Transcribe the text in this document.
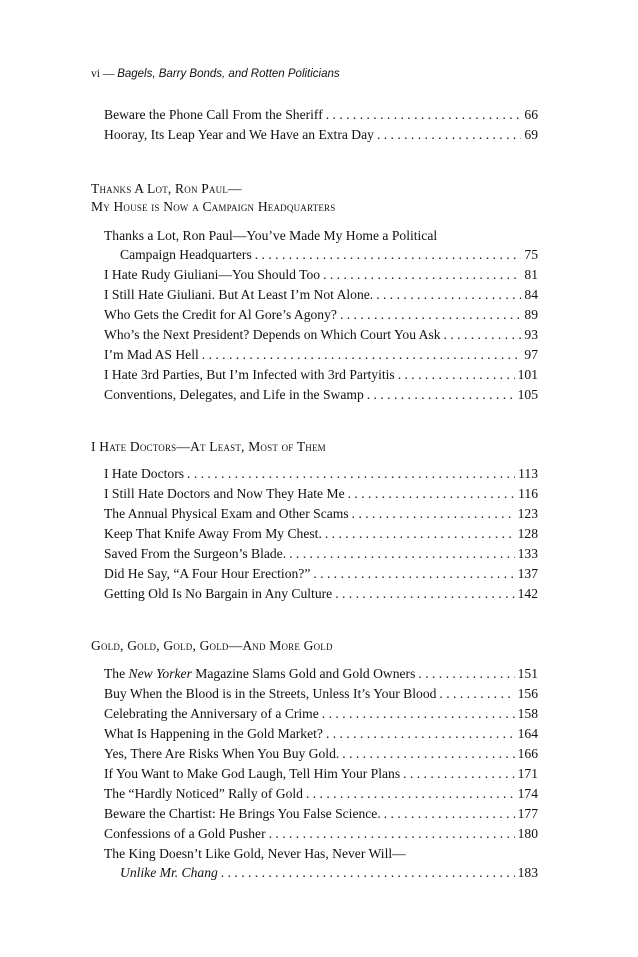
vi — Bagels, Barry Bonds, and Rotten Politicians
Beware the Phone Call From the Sheriff . . .	66
Hooray, Its Leap Year and We Have an Extra Day . . .	69
Thanks A Lot, Ron Paul—
My House is Now a Campaign Headquarters
Thanks a Lot, Ron Paul—You’ve Made My Home a Political
Campaign Headquarters . . .	75
I Hate Rudy Giuliani—You Should Too . . .	81
I Still Hate Giuliani. But At Least I’m Not Alone. . . .	84
Who Gets the Credit for Al Gore’s Agony? . . .	89
Who’s the Next President? Depends on Which Court You Ask . . .	93
I’m Mad AS Hell . . .	97
I Hate 3rd Parties, But I’m Infected with 3rd Partyitis . . .	101
Conventions, Delegates, and Life in the Swamp . . .	105
I Hate Doctors—At Least, Most of Them
I Hate Doctors . . .	113
I Still Hate Doctors and Now They Hate Me . . .	116
The Annual Physical Exam and Other Scams . . .	123
Keep That Knife Away From My Chest. . . .	128
Saved From the Surgeon’s Blade. . . .	133
Did He Say, “A Four Hour Erection?” . . .	137
Getting Old Is No Bargain in Any Culture . . .	142
Gold, Gold, Gold, Gold—And More Gold
The New Yorker Magazine Slams Gold and Gold Owners . . .	151
Buy When the Blood is in the Streets, Unless It’s Your Blood . . .	156
Celebrating the Anniversary of a Crime . . .	158
What Is Happening in the Gold Market? . . .	164
Yes, There Are Risks When You Buy Gold. . . .	166
If You Want to Make God Laugh, Tell Him Your Plans . . .	171
The “Hardly Noticed” Rally of Gold . . .	174
Beware the Chartist: He Brings You False Science. . . .	177
Confessions of a Gold Pusher . . .	180
The King Doesn’t Like Gold, Never Has, Never Will—
Unlike Mr. Chang . . .	183
